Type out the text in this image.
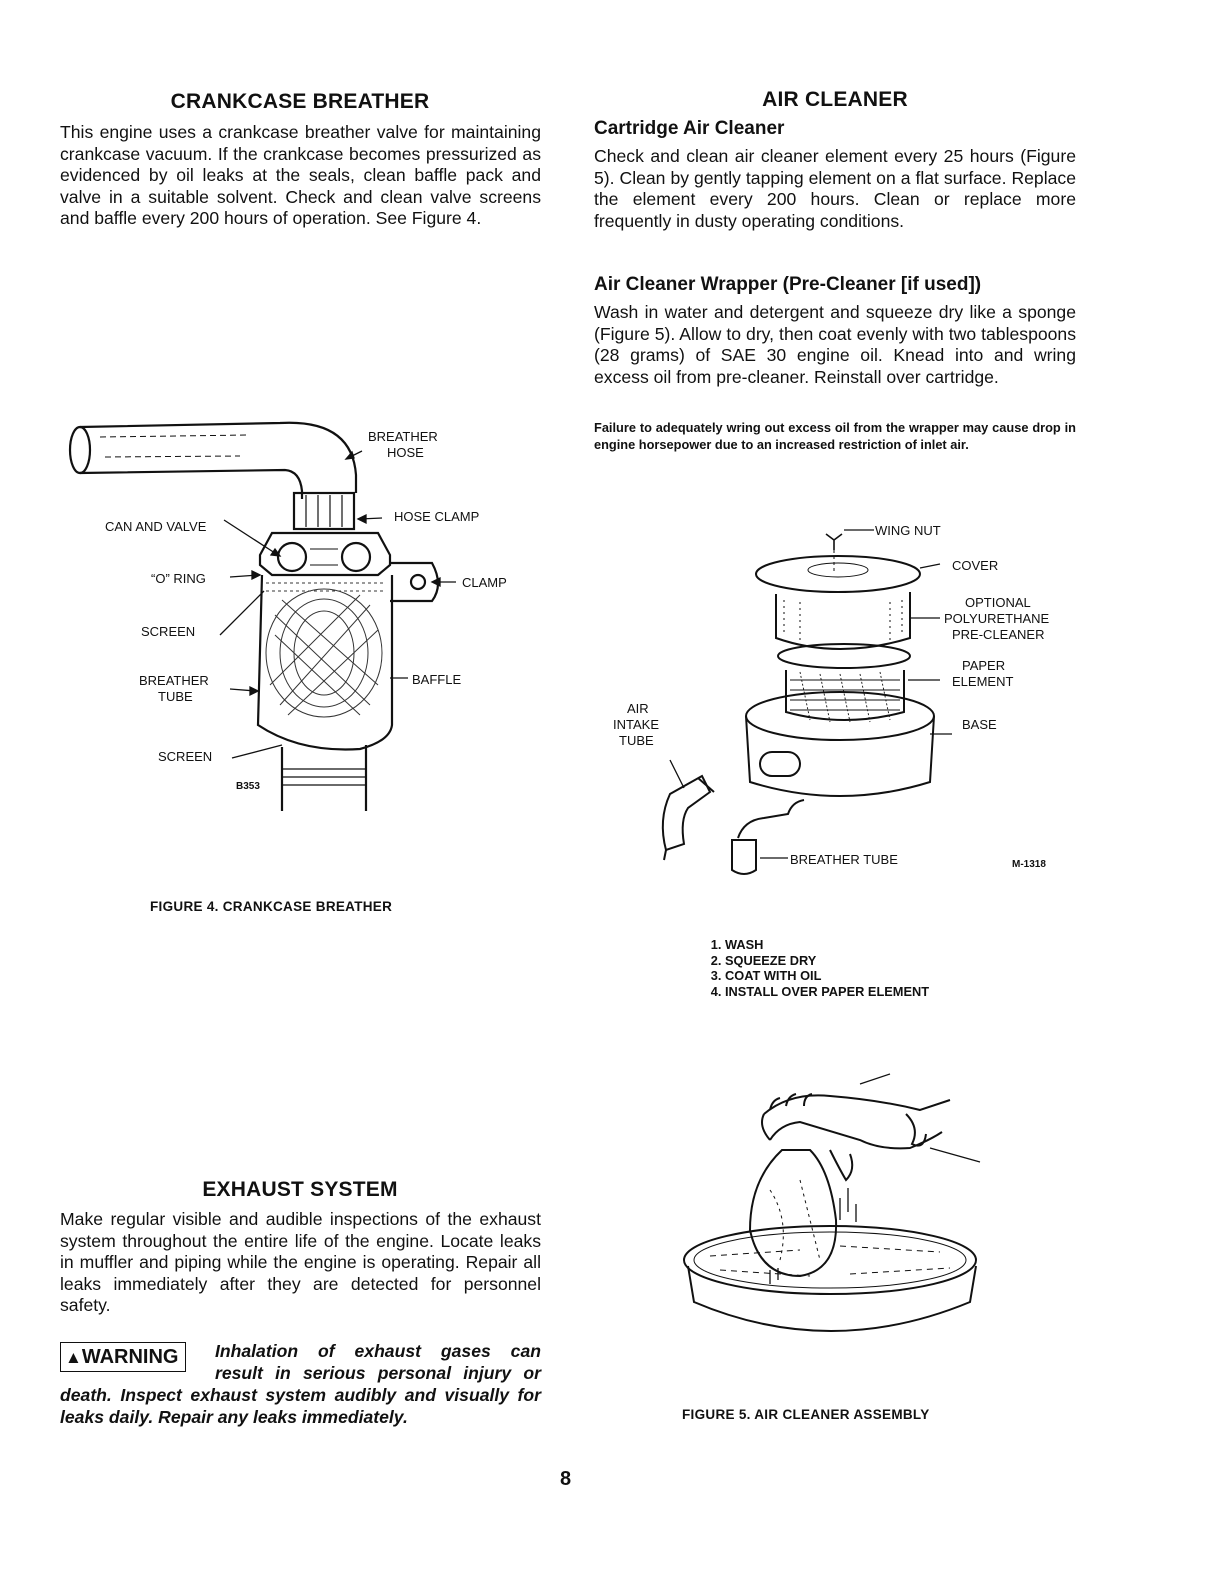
CRANKCASE BREATHER
This engine uses a crankcase breather valve for maintaining crankcase vacuum. If the crankcase becomes pressurized as evidenced by oil leaks at the seals, clean baffle pack and valve in a suitable solvent. Check and clean valve screens and baffle every 200 hours of operation. See Figure 4.
BREATHER
HOSE
HOSE CLAMP
CAN AND VALVE
“O” RING	CLAMP
SCREEN
BREATHER
TUBE
BAFFLE
SCREEN
B353
FIGURE 4. CRANKCASE BREATHER
EXHAUST SYSTEM
Make regular visible and audible inspections of the exhaust system throughout the entire life of the engine. Locate leaks in muffler and piping while the engine is operating. Repair all leaks immediately after they are detected for personnel safety.
▲WARNING	Inhalation of exhaust gases can
result in serious personal injury or
death. Inspect exhaust system audibly and visually for leaks daily. Repair any leaks immediately.
AIR CLEANER
Cartridge Air Cleaner
Check and clean air cleaner element every 25 hours (Figure 5). Clean by gently tapping element on a flat surface. Replace the element every 200 hours. Clean or replace more frequently in dusty operating conditions.
Air Cleaner Wrapper (Pre-Cleaner [if used])
Wash in water and detergent and squeeze dry like a sponge (Figure 5). Allow to dry, then coat evenly with two tablespoons (28 grams) of SAE 30 engine oil. Knead into and wring excess oil from pre-cleaner. Reinstall over cartridge.
Failure to adequately wring out excess oil from the wrapper may cause drop in engine horsepower due to an increased restriction of inlet air.
WING NUT
COVER
OPTIONAL
POLYURETHANE
PRE-CLEANER
PAPER
ELEMENT
BASE
AIR
INTAKE
TUBE
BREATHER TUBE	M-1318
1. WASH
2. SQUEEZE DRY
3. COAT WITH OIL
4. INSTALL OVER PAPER ELEMENT
FIGURE 5. AIR CLEANER ASSEMBLY
8
